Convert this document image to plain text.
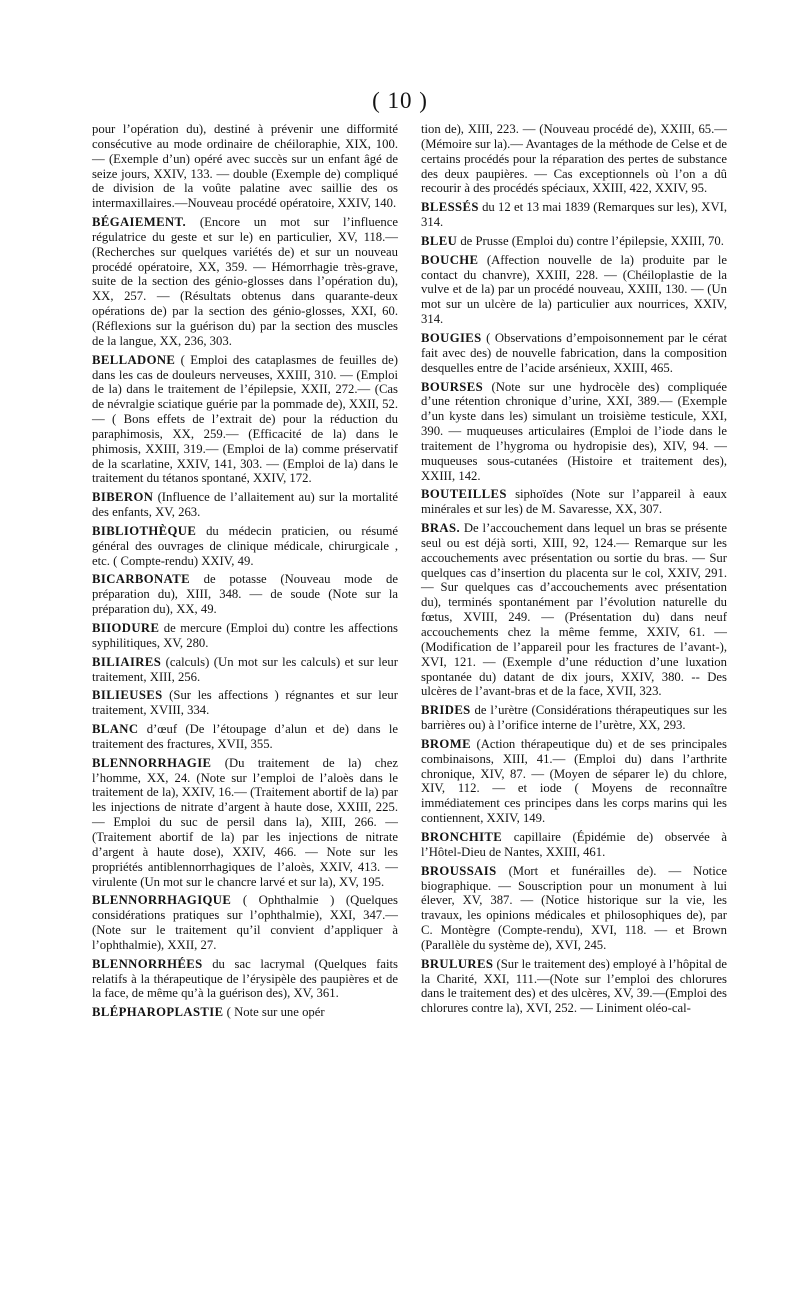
( 10 )

pour l’opération du), destiné à prévenir une difformité consécutive au mode ordinaire de chéiloraphie, XIX, 100. — (Exemple d’un) opéré avec succès sur un enfant âgé de seize jours, XXIV, 133. — double (Exemple de) compliqué de division de la voûte palatine avec saillie des os intermaxillaires.—Nouveau procédé opératoire, XXIV, 140.

BÉGAIEMENT. (Encore un mot sur l’influence régulatrice du geste et sur le) en particulier, XV, 118.— (Recherches sur quelques variétés de) et sur un nouveau procédé opératoire, XX, 359. — Hémorrhagie très-grave, suite de la section des génio-glosses dans l’opération du), XX, 257. — (Résultats obtenus dans quarante-deux opérations de) par la section des génio-glosses, XXI, 60. (Réflexions sur la guérison du) par la section des muscles de la langue, XX, 236, 303.

BELLADONE ( Emploi des cataplasmes de feuilles de) dans les cas de douleurs nerveuses, XXIII, 310. — (Emploi de la) dans le traitement de l’épilepsie, XXII, 272.— (Cas de névralgie sciatique guérie par la pommade de), XXII, 52. — ( Bons effets de l’extrait de) pour la réduction du paraphimosis, XX, 259.— (Efficacité de la) dans le phimosis, XXIII, 319.— (Emploi de la) comme préservatif de la scarlatine, XXIV, 141, 303. — (Emploi de la) dans le traitement du tétanos spontané, XXIV, 172.

BIBERON (Influence de l’allaitement au) sur la mortalité des enfants, XV, 263.

BIBLIOTHÈQUE du médecin praticien, ou résumé général des ouvrages de clinique médicale, chirurgicale , etc. ( Compte-rendu) XXIV, 49.

BICARBONATE de potasse (Nouveau mode de préparation du), XIII, 348. — de soude (Note sur la préparation du), XX, 49.

BIIODURE de mercure (Emploi du) contre les affections syphilitiques, XV, 280.

BILIAIRES (calculs) (Un mot sur les calculs) et sur leur traitement, XIII, 256.

BILIEUSES (Sur les affections ) régnantes et sur leur traitement, XVIII, 334.

BLANC d’œuf (De l’étoupage d’alun et de) dans le traitement des fractures, XVII, 355.

BLENNORRHAGIE (Du traitement de la) chez l’homme, XX, 24. (Note sur l’emploi de l’aloès dans le traitement de la), XXIV, 16.— (Traitement abortif de la) par les injections de nitrate d’argent à haute dose, XXIII, 225.— Emploi du suc de persil dans la), XIII, 266. — (Traitement abortif de la) par les injections de nitrate d’argent à haute dose), XXIV, 466. — Note sur les propriétés antiblennorrhagiques de l’aloès, XXIV, 413. — virulente (Un mot sur le chancre larvé et sur la), XV, 195.

BLENNORRHAGIQUE ( Ophthalmie ) (Quelques considérations pratiques sur l’ophthalmie), XXI, 347.—(Note sur le traitement qu’il convient d’appliquer à l’ophthalmie), XXII, 27.

BLENNORRHÉES du sac lacrymal (Quelques faits relatifs à la thérapeutique de l’érysipèle des paupières et de la face, de même qu’à la guérison des), XV, 361.

BLÉPHAROPLASTIE ( Note sur une opér

tion de), XIII, 223. — (Nouveau procédé de), XXIII, 65.— (Mémoire sur la).— Avantages de la méthode de Celse et de certains procédés pour la réparation des pertes de substance des deux paupières. — Cas exceptionnels où l’on a dû recourir à des procédés spéciaux, XXIII, 422, XXIV, 95.

BLESSÉS du 12 et 13 mai 1839 (Remarques sur les), XVI, 314.

BLEU de Prusse (Emploi du) contre l’épilepsie, XXIII, 70.

BOUCHE (Affection nouvelle de la) produite par le contact du chanvre), XXIII, 228. — (Chéiloplastie de la vulve et de la) par un procédé nouveau, XXIII, 130. — (Un mot sur un ulcère de la) particulier aux nourrices, XXIV, 314.

BOUGIES ( Observations d’empoisonnement par le cérat fait avec des) de nouvelle fabrication, dans la composition desquelles entre de l’acide arsénieux, XXIII, 465.

BOURSES (Note sur une hydrocèle des) compliquée d’une rétention chronique d’urine, XXI, 389.— (Exemple d’un kyste dans les) simulant un troisième testicule, XXI, 390. — muqueuses articulaires (Emploi de l’iode dans le traitement de l’hygroma ou hydropisie des), XIV, 94. — muqueuses sous-cutanées (Histoire et traitement des), XXIII, 142.

BOUTEILLES siphoïdes (Note sur l’appareil à eaux minérales et sur les) de M. Savaresse, XX, 307.

BRAS. De l’accouchement dans lequel un bras se présente seul ou est déjà sorti, XIII, 92, 124.— Remarque sur les accouchements avec présentation ou sortie du bras. — Sur quelques cas d’insertion du placenta sur le col, XXIV, 291. — Sur quelques cas d’accouchements avec présentation du), terminés spontanément par l’évolution naturelle du fœtus, XVIII, 249. — (Présentation du) dans neuf accouchements chez la même femme, XXIV, 61. — (Modification de l’appareil pour les fractures de l’avant-), XVI, 121. — (Exemple d’une réduction d’une luxation spontanée du) datant de dix jours, XXIV, 380. -- Des ulcères de l’avant-bras et de la face, XVII, 323.

BRIDES de l’urètre (Considérations thérapeutiques sur les barrières ou) à l’orifice interne de l’urètre, XX, 293.

BROME (Action thérapeutique du) et de ses principales combinaisons, XIII, 41.— (Emploi du) dans l’arthrite chronique, XIV, 87. — (Moyen de séparer le) du chlore, XIV, 112. — et iode ( Moyens de reconnaître immédiatement ces principes dans les corps marins qui les contiennent, XXIV, 149.

BRONCHITE capillaire (Épidémie de) observée à l’Hôtel-Dieu de Nantes, XXIII, 461.

BROUSSAIS (Mort et funérailles de). — Notice biographique. — Souscription pour un monument à lui élever, XV, 387. — (Notice historique sur la vie, les travaux, les opinions médicales et philosophiques de), par C. Montègre (Compte-rendu), XVI, 118. — et Brown (Parallèle du système de), XVI, 245.

BRULURES (Sur le traitement des) employé à l’hôpital de la Charité, XXI, 111.—(Note sur l’emploi des chlorures dans le traitement des) et des ulcères, XV, 39.—(Emploi des chlorures contre la), XVI, 252. — Liniment oléo-cal-
